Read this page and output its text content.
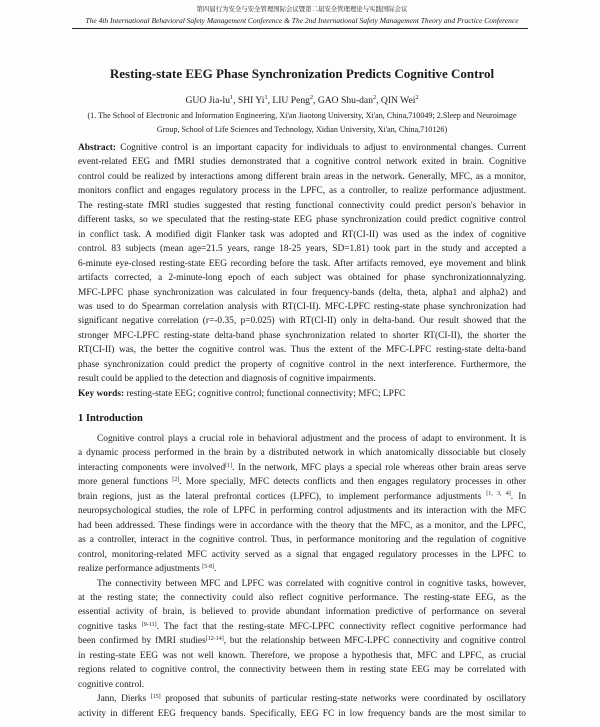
第四届行为安全与安全管理国际会议暨第二届安全管理理论与实践国际会议
The 4th International Behavioral Safety Management Conference & The 2nd International Safety Management Theory and Practice Conference
Resting-state EEG Phase Synchronization Predicts Cognitive Control
GUO Jia-$lu^1$, SHI Yi$^1$, LIU Peng$^2$, GAO Shu-dan$^2$, QIN Wei$^2$
(1. The School of Electronic and Information Engineering, Xi'an Jiaotong University, Xi'an, China,710049; 2.Sleep and Neuroimage
Group, School of Life Sciences and Technology, Xidian University, Xi'an, China,710126)
Abstract: Cognitive control is an important capacity for individuals to adjust to environmental changes. Current
event-related EEG and fMRI studies demonstrated that a cognitive control network exited in brain. Cognitive
control could be realized by interactions among different brain areas in the network. Generally, MFC, as a monitor,
monitors conflict and engages regulatory process in the LPFC, as a controller, to realize performance adjustment.
The resting-state fMRI studies suggested that resting functional connectivity could predict person's behavior in
different tasks, so we speculated that the resting-state EEG phase synchronization could predict cognitive control
in conflict task. A modified digit Flanker task was adopted and RT(CI-II) was used as the index of cognitive
control. 83 subjects (mean age=21.5 years, range 18-25 years, SD=1.81) took part in the study and accepted a
6-minute eye-closed resting-state EEG recording before the task. After artifacts removed, eye movement and blink
artifacts corrected, a 2-minute-long epoch of each subject was obtained for phase synchronizationnalyzing.
MFC-LPFC phase synchronization was calculated in four frequency-bands (delta, theta, alpha1 and alpha2) and
was used to do Spearman correlation analysis with RT(CI-II). MFC-LPFC resting-state phase synchronization had
significant negative correlation (r=-0.35, p=0.025) with RT(CI-II) only in delta-band. Our result showed that the
stronger MFC-LPFC resting-state delta-band phase synchronization related to shorter RT(CI-II), the shorter the
RT(CI-II) was, the better the cognitive control was. Thus the extent of the MFC-LPFC resting-state delta-band
phase synchronization could predict the property of cognitive control in the next interference. Furthermore, the
result could be applied to the detection and diagnosis of cognitive impairments.
Key words: resting-state EEG; cognitive control; functional connectivity; MFC; LPFC
1 Introduction
Cognitive control plays a crucial role in behavioral adjustment and the process of adapt to environment. It is
a dynamic process performed in the brain by a distributed network in which anatomically dissociable but closely
interacting components were involved[1]. In the network, MFC plays a special role whereas other brain areas serve
more general functions [2]. More specially, MFC detects conflicts and then engages regulatory processes in other
brain regions, just as the lateral prefrontal cortices (LPFC), to implement performance adjustments [1, 3, 4]. In
neuropsychological studies, the role of LPFC in performing control adjustments and its interaction with the MFC
had been addressed. These findings were in accordance with the theory that the MFC, as a monitor, and the LPFC,
as a controller, interact in the cognitive control. Thus, in performance monitoring and the regulation of cognitive
control, monitoring-related MFC activity served as a signal that engaged regulatory processes in the LPFC to
realize performance adjustments [5-8].
The connectivity between MFC and LPFC was correlated with cognitive control in cognitive tasks, however,
at the resting state; the connectivity could also reflect cognitive performance. The resting-state EEG, as the
essential activity of brain, is believed to provide abundant information predictive of performance on several
cognitive tasks [9-11]. The fact that the resting-state MFC-LPFC connectivity reflect cognitive performance had
been confirmed by fMRI studies[12-14], but the relationship between MFC-LPFC connectivity and cognitive control
in resting-state EEG was not well known. Therefore, we propose a hypothesis that, MFC and LPFC, as crucial
regions related to cognitive control, the connectivity between them in resting state EEG may be correlated with
cognitive control.
Jann, Dierks [15] proposed that subunits of particular resting-state networks were coordinated by oscillatory
activity in different EEG frequency bands. Specifically, EEG FC in low frequency bands are the most similar to
